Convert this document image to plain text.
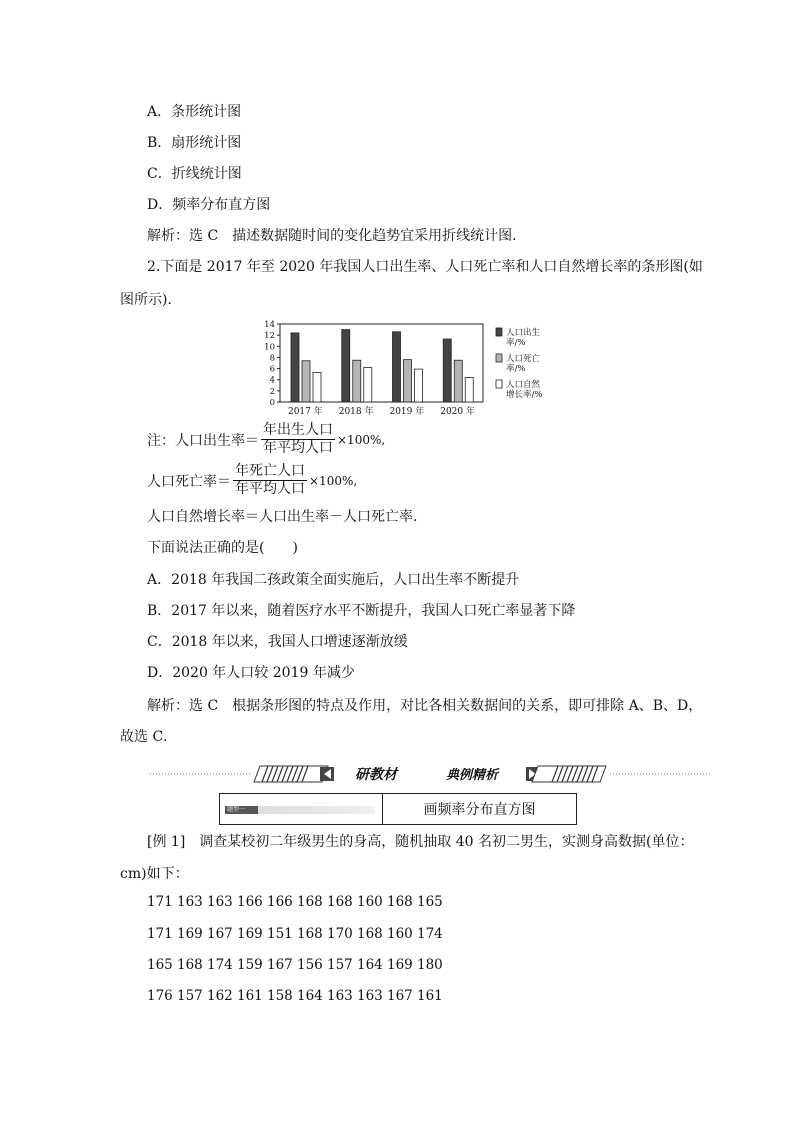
A．条形统计图
B．扇形统计图
C．折线统计图
D．频率分布直方图
解析：选 C　描述数据随时间的变化趋势宜采用折线统计图．
2.下面是 2017 年至 2020 年我国人口出生率、人口死亡率和人口自然增长率的条形图(如
图所示)．
0
2
4
6
8
10
12
14
2017 年 2018 年 2019 年 2020 年
人口出生
率/%
人口死亡
率/%
人口自然
增长率/%
注：人口出生率＝ $\frac{\text{年出生人口}}{\text{年平均人口}} \times 100\%$,
人口死亡率＝ $\frac{\text{年死亡人口}}{\text{年平均人口}} \times 100\%$,
人口自然增长率＝人口出生率－人口死亡率．
下面说法正确的是(　　)
A．2018 年我国二孩政策全面实施后，人口出生率不断提升
B．2017 年以来，随着医疗水平不断提升，我国人口死亡率显著下降
C．2018 年以来，我国人口增速逐渐放缓
D．2020 年人口较 2019 年减少
解析：选 C　根据条形图的特点及作用，对比各相关数据间的关系，即可排除 A、B、D，
故选 C．
研教材	典例精析
题型一	画频率分布直方图
[例 1]　调查某校初二年级男生的身高，随机抽取 40 名初二男生，实测身高数据(单位：
cm)如下：
171 163 163 166 166 168 168 160 168 165
171 169 167 169 151 168 170 168 160 174
165 168 174 159 167 156 157 164 169 180
176 157 162 161 158 164 163 163 167 161
